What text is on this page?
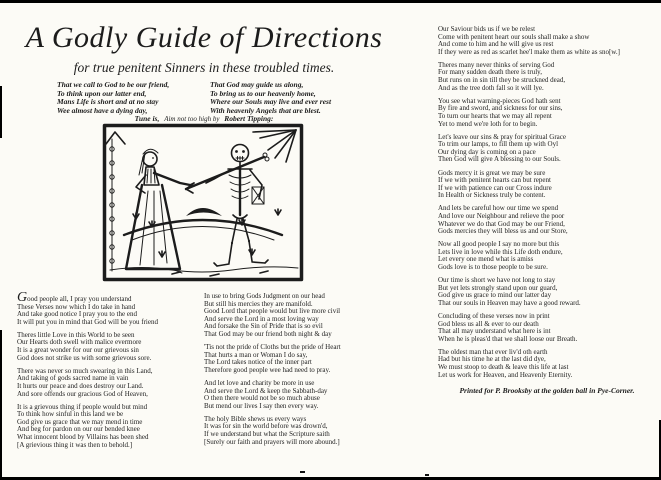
A Godly Guide of Directions
for true penitent Sinners in these troubled times.
That we call to God to be our friend,
To think upon our latter end,
Mans Life is short and at no stay
Wee almost have a dying day,
That God may guide us along,
To bring us to our heavenly home,
Where our Souls may live and ever rest
With heavenly Angels that are blest.
Tune is, Aim not too high by Robert Tipping:
Good people all, I pray you understand
These Verses now which I do take in hand
And take good notice I pray you to the end
It will put you in mind that God will be you friend
Theres little Love in this World to be seen
Our Hearts doth swell with malice evermore
It is a great wonder for our our grievous sin
God does not strike us with some grievous sore.
There was never so much swearing in this Land,
And taking of gods sacred name in vain
It hurts our peace and does destroy our Land.
And sore offends our gracious God of Heaven,
It is a grievous thing if people would but mind
To think how sinful in this land we be
God give us grace that we may mend in time
And beg for pardon on our our bended knee
What innocent blood by Villains has been shed
[A grievious thing it was then to behold.]
In use to bring Gods Judgment on our head
But still his mercies they are manifold.
Good Lord that people would but live more civil
And serve the Lord in a most loving way
And forsake the Sin of Pride that is so evil
That God may be our friend both night & day
'Tis not the pride of Cloths but the pride of Heart
That hurts a man or Woman I do say,
The Lord takes notice of the inner part
Therefore good people wee had need to pray.
And let love and charity be more in use
And serve the Lord & keep the Sabbath-day
O then there would not be so much abuse
But mend our lives I say then every way.
The holy Bible shews us every ways
It was for sin the world before was drown'd,
If we understand but what the Scripture saith
[Surely our faith and prayers will more abound.]
Our Saviour bids us if we be relest
Come with penitent heart our souls shall make a show
And come to him and he will give us rest
If they were as red as scarlet hee'l make them as white as sno[w.]
Theres many never thinks of serving God
For many sudden death there is truly,
But runs on in sin till they be struckned dead,
And as the tree doth fall so it will lye.
You see what warning-pieces God hath sent
By fire and sword, and sickness for our sins,
To turn our hearts that we may all repent
Yet to mend we're loth for to begin.
Let's leave our sins & pray for spiritual Grace
To trim our lamps, to fill them up with Oyl
Our dying day is coming on a pace
Then God will give A blessing to our Souls.
Gods mercy it is great we may be sure
If we with penitent hearts can but repent
If we with patience can our Cross indure
In Health or Sickness truly be content.
And lets be careful how our time we spend
And love our Neighbour and relieve the poor
Whatever we do that God may be our Friend,
Gods mercies they will bless us and our Store,
Now all good people I say no more but this
Lets live in love while this Life doth endure,
Let every one mend what is amiss
Gods love is to those people to be sure.
Our time is short we have not long to stay
But yet lets strongly stand upon our guard,
God give us grace to mind our latter day
That our souls in Heaven may have a good reward.
Concluding of these verses now in print
God bless us all & ever to our death
That all may understand what here is int
When he is pleas'd that we shall loose our Breath.
The oldest man that ever liv'd oth earth
Had but his time he at the last did dye,
We must stoop to death & leave this life at last
Let us work for Heaven, and Heavenly Eternity.
Printed for P. Brooksby at the golden ball in Pye-Corner.
